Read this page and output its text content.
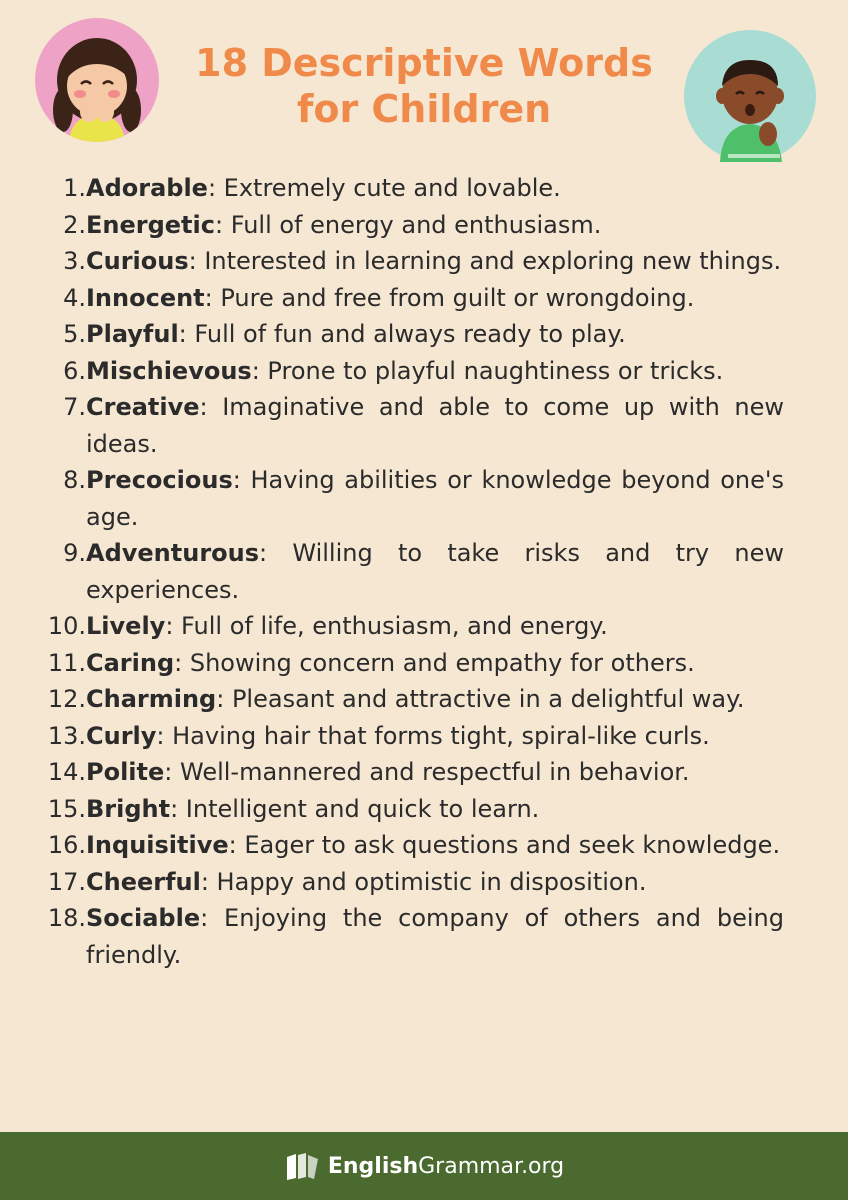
18 Descriptive Words
for Children
1. Adorable: Extremely cute and lovable.
2. Energetic: Full of energy and enthusiasm.
3. Curious: Interested in learning and exploring new things.
4. Innocent: Pure and free from guilt or wrongdoing.
5. Playful: Full of fun and always ready to play.
6. Mischievous: Prone to playful naughtiness or tricks.
7. Creative: Imaginative and able to come up with new ideas.
8. Precocious: Having abilities or knowledge beyond one's age.
9. Adventurous: Willing to take risks and try new experiences.
10. Lively: Full of life, enthusiasm, and energy.
11. Caring: Showing concern and empathy for others.
12. Charming: Pleasant and attractive in a delightful way.
13. Curly: Having hair that forms tight, spiral-like curls.
14. Polite: Well-mannered and respectful in behavior.
15. Bright: Intelligent and quick to learn.
16. Inquisitive: Eager to ask questions and seek knowledge.
17. Cheerful: Happy and optimistic in disposition.
18. Sociable: Enjoying the company of others and being friendly.
EnglishGrammar.org
